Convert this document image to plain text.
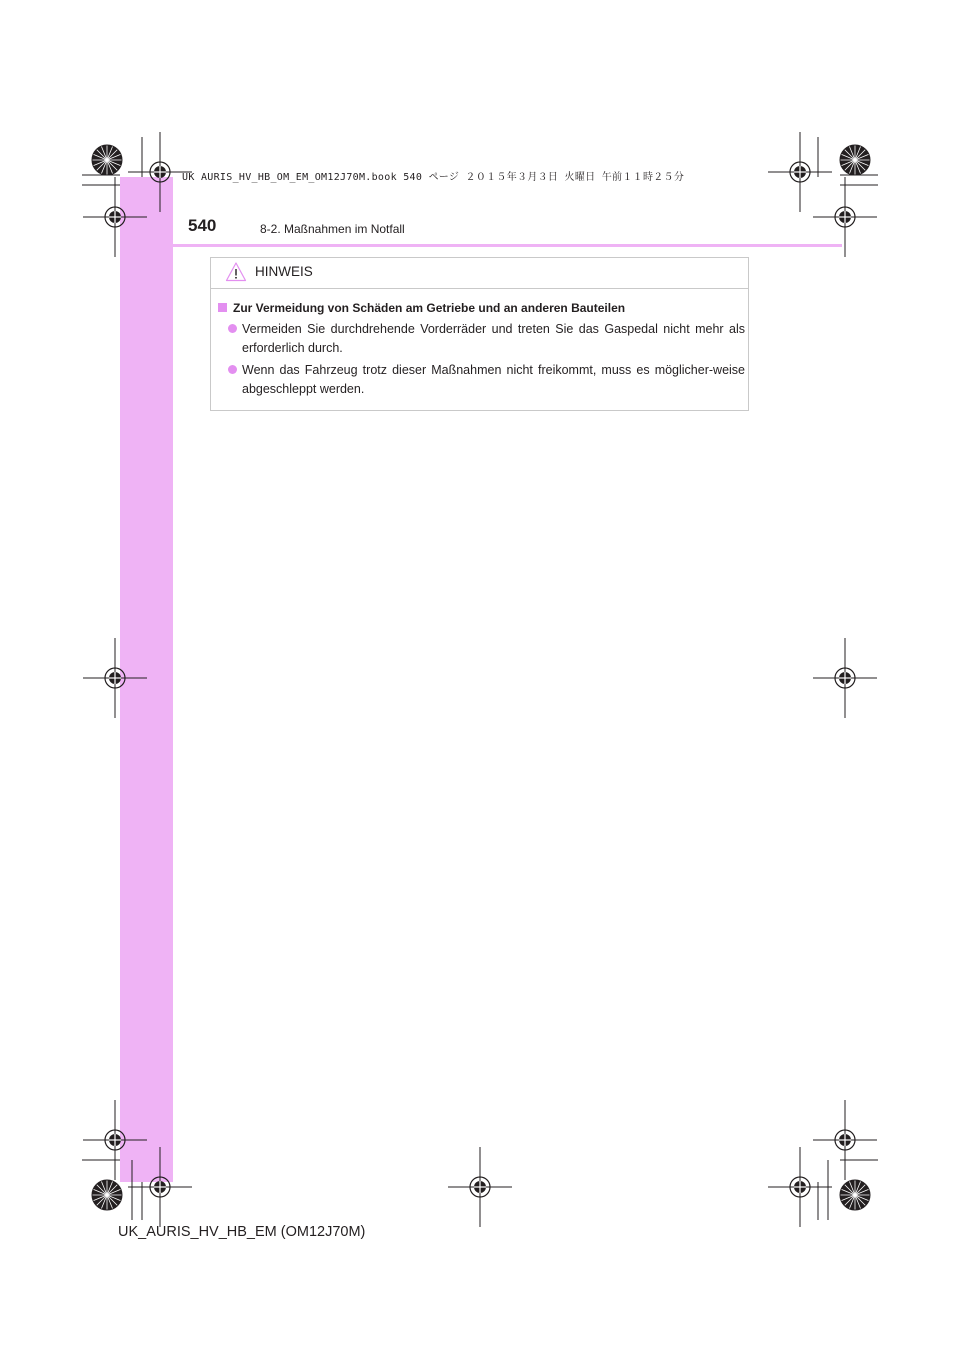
UK AURIS_HV_HB_OM_EM_OM12J70M.book 540 ページ ２０１５年３月３日 火曜日 午前１１時２５分
540	8-2. Maßnahmen im Notfall
HINWEIS
Zur Vermeidung von Schäden am Getriebe und an anderen Bauteilen
Vermeiden Sie durchdrehende Vorderräder und treten Sie das Gaspedal nicht mehr als erforderlich durch.
Wenn das Fahrzeug trotz dieser Maßnahmen nicht freikommt, muss es möglicher-weise abgeschleppt werden.
UK_AURIS_HV_HB_EM (OM12J70M)
